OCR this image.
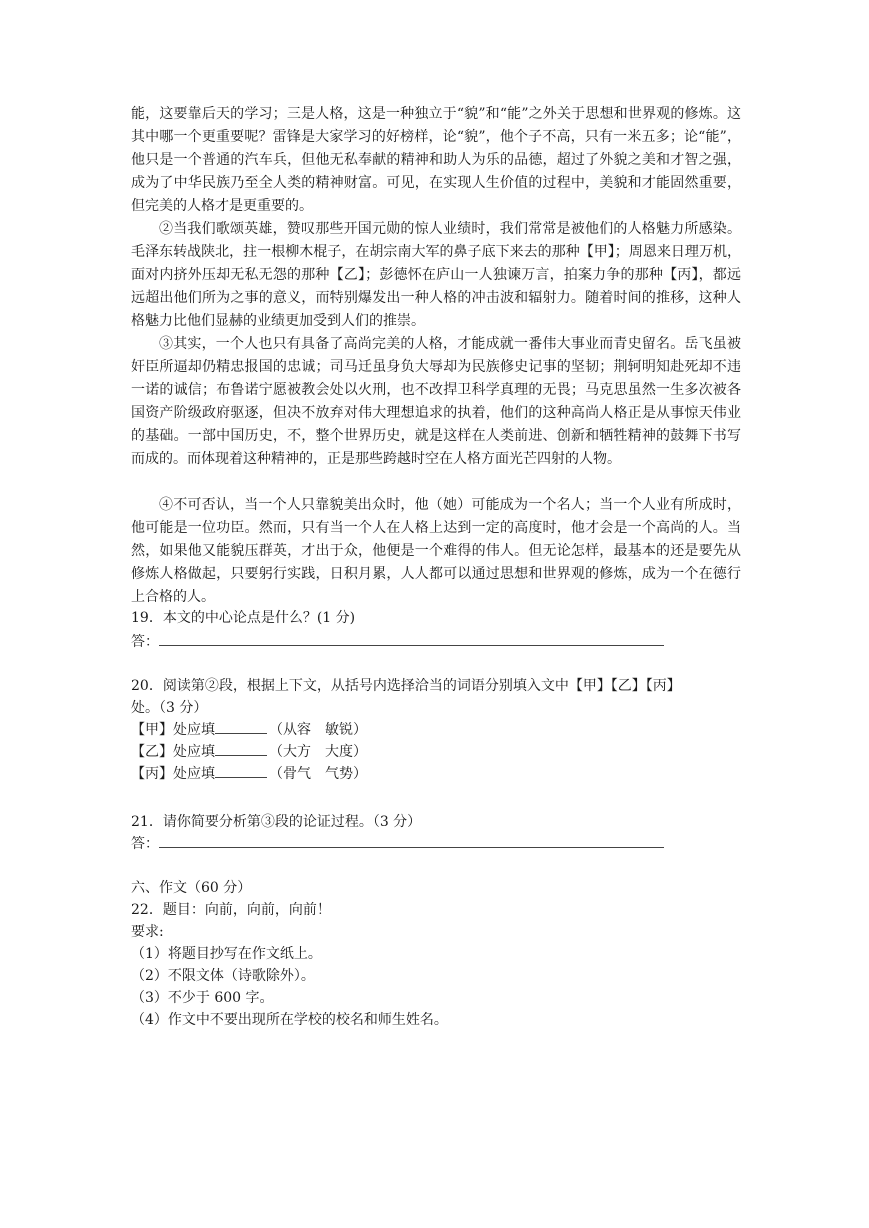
能，这要靠后天的学习；三是人格，这是一种独立于“貌”和“能”之外关于思想和世界观的修炼。这其中哪一个更重要呢？雷锋是大家学习的好榜样，论“貌”，他个子不高，只有一米五多；论“能”，他只是一个普通的汽车兵，但他无私奉献的精神和助人为乐的品德，超过了外貌之美和才智之强，成为了中华民族乃至全人类的精神财富。可见，在实现人生价值的过程中，美貌和才能固然重要，但完美的人格才是更重要的。

②当我们歌颂英雄，赞叹那些开国元勋的惊人业绩时，我们常常是被他们的人格魅力所感染。毛泽东转战陕北，拄一根柳木棍子，在胡宗南大军的鼻子底下来去的那种【甲】；周恩来日理万机，面对内挤外压却无私无怨的那种【乙】；彭德怀在庐山一人独谏万言，拍案力争的那种【丙】，都远远超出他们所为之事的意义，而特别爆发出一种人格的冲击波和辐射力。随着时间的推移，这种人格魅力比他们显赫的业绩更加受到人们的推崇。

③其实，一个人也只有具备了高尚完美的人格，才能成就一番伟大事业而青史留名。岳飞虽被奸臣所逼却仍精忠报国的忠诚；司马迁虽身负大辱却为民族修史记事的坚韧；荆轲明知赴死却不违一诺的诚信；布鲁诺宁愿被教会处以火刑，也不改捍卫科学真理的无畏；马克思虽然一生多次被各国资产阶级政府驱逐，但决不放弃对伟大理想追求的执着，他们的这种高尚人格正是从事惊天伟业的基础。一部中国历史，不，整个世界历史，就是这样在人类前进、创新和牺牲精神的鼓舞下书写而成的。而体现着这种精神的，正是那些跨越时空在人格方面光芒四射的人物。

④不可否认，当一个人只靠貌美出众时，他（她）可能成为一个名人；当一个人业有所成时，他可能是一位功臣。然而，只有当一个人在人格上达到一定的高度时，他才会是一个高尚的人。当然，如果他又能貌压群英，才出于众，他便是一个难得的伟人。但无论怎样，最基本的还是要先从修炼人格做起，只要躬行实践，日积月累，人人都可以通过思想和世界观的修炼，成为一个在德行上合格的人。

19．本文的中心论点是什么？(1 分)

答：

20．阅读第②段，根据上下文，从括号内选择洽当的词语分别填入文中【甲】【乙】【丙】

处。（3 分）

【甲】处应填	（从容　敏锐）

【乙】处应填	（大方　大度）

【丙】处应填	（骨气　气势）

21．请你简要分析第③段的论证过程。（3 分）

答：

六、作文（60 分）

22．题目：向前，向前，向前！

要求:

（1）将题目抄写在作文纸上。

（2）不限文体（诗歌除外）。

（3）不少于 600 字。

（4）作文中不要出现所在学校的校名和师生姓名。
